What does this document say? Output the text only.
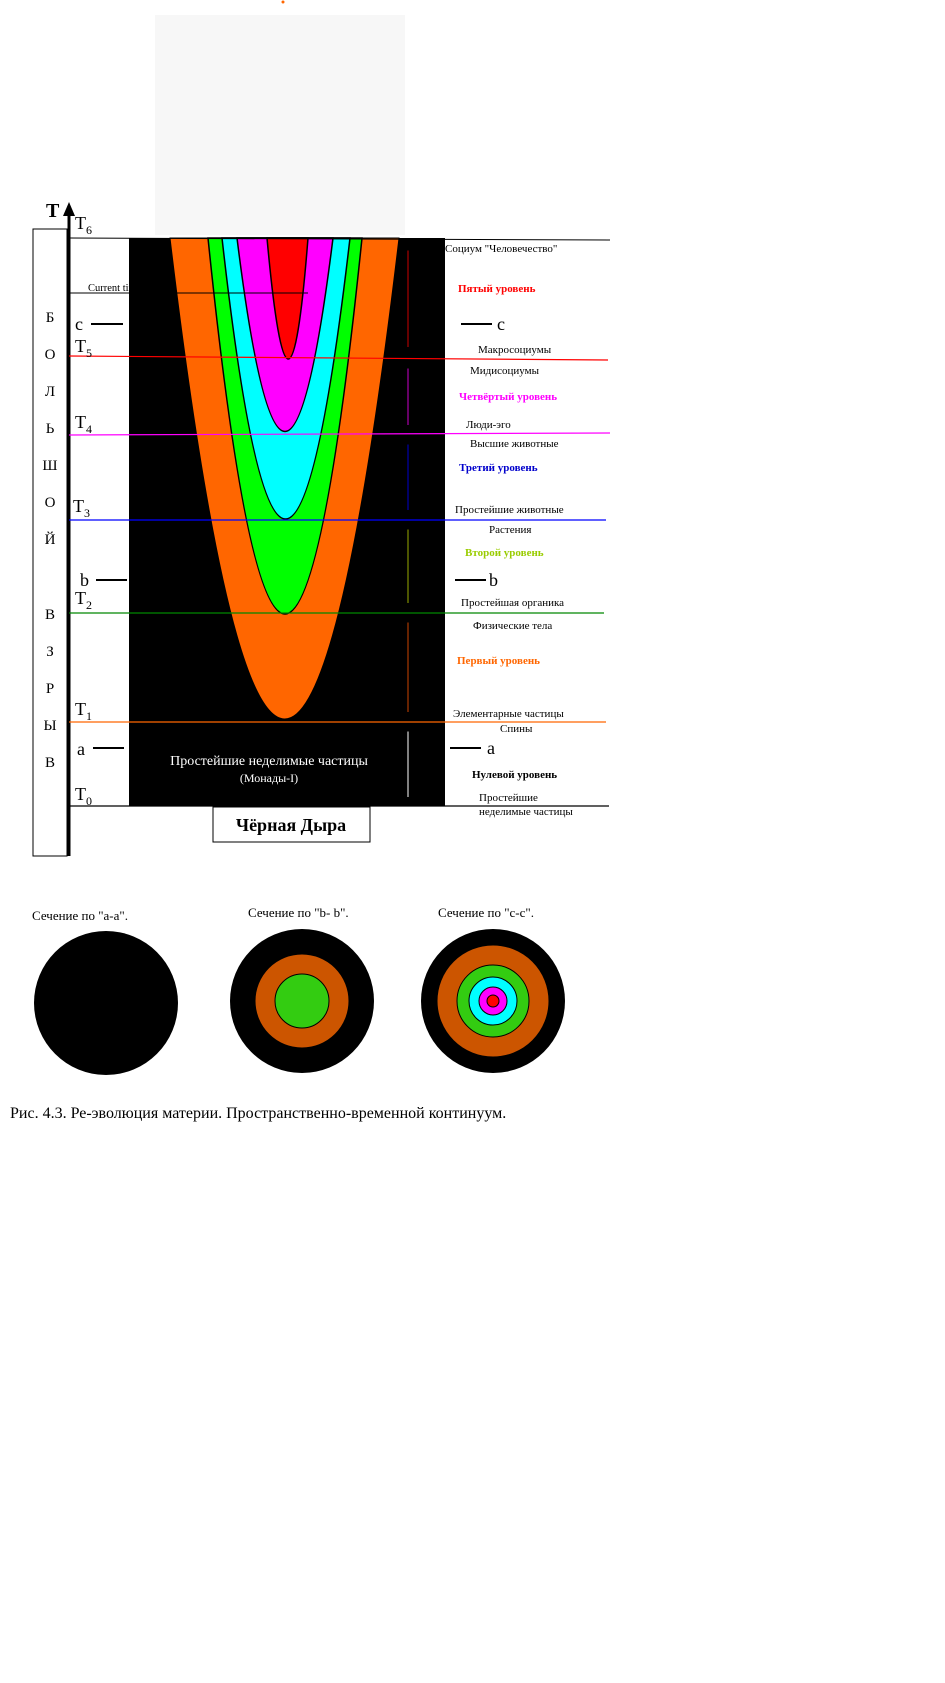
Б
О
Л
Ь
Ш
О
Й
В
З
Р
Ы
В
T
Current time
$T_6$
$T_5$
$T_4$
$T_3$
$T_2$
$T_1$
$T_0$
c
b
a
c
b
a
Простейшие неделимые частицы
(Монады-I)
Чёрная Дыра
Социум "Человечество"
Пятый уровень
Макросоциумы
Мидисоциумы
Четвёртый уровень
Люди-эго
Высшие животные
Третий уровень
Простейшие животные
Растения
Второй уровень
Простейшая органика
Физические тела
Первый уровень
Элементарные частицы
Спины
Нулевой уровень
Простейшие
неделимые частицы
Сечение по "a-a".	Сечение по "b- b".	Сечение по "c-c".
Рис. 4.3. Ре-эволюция материи. Пространственно-временной континуум.
